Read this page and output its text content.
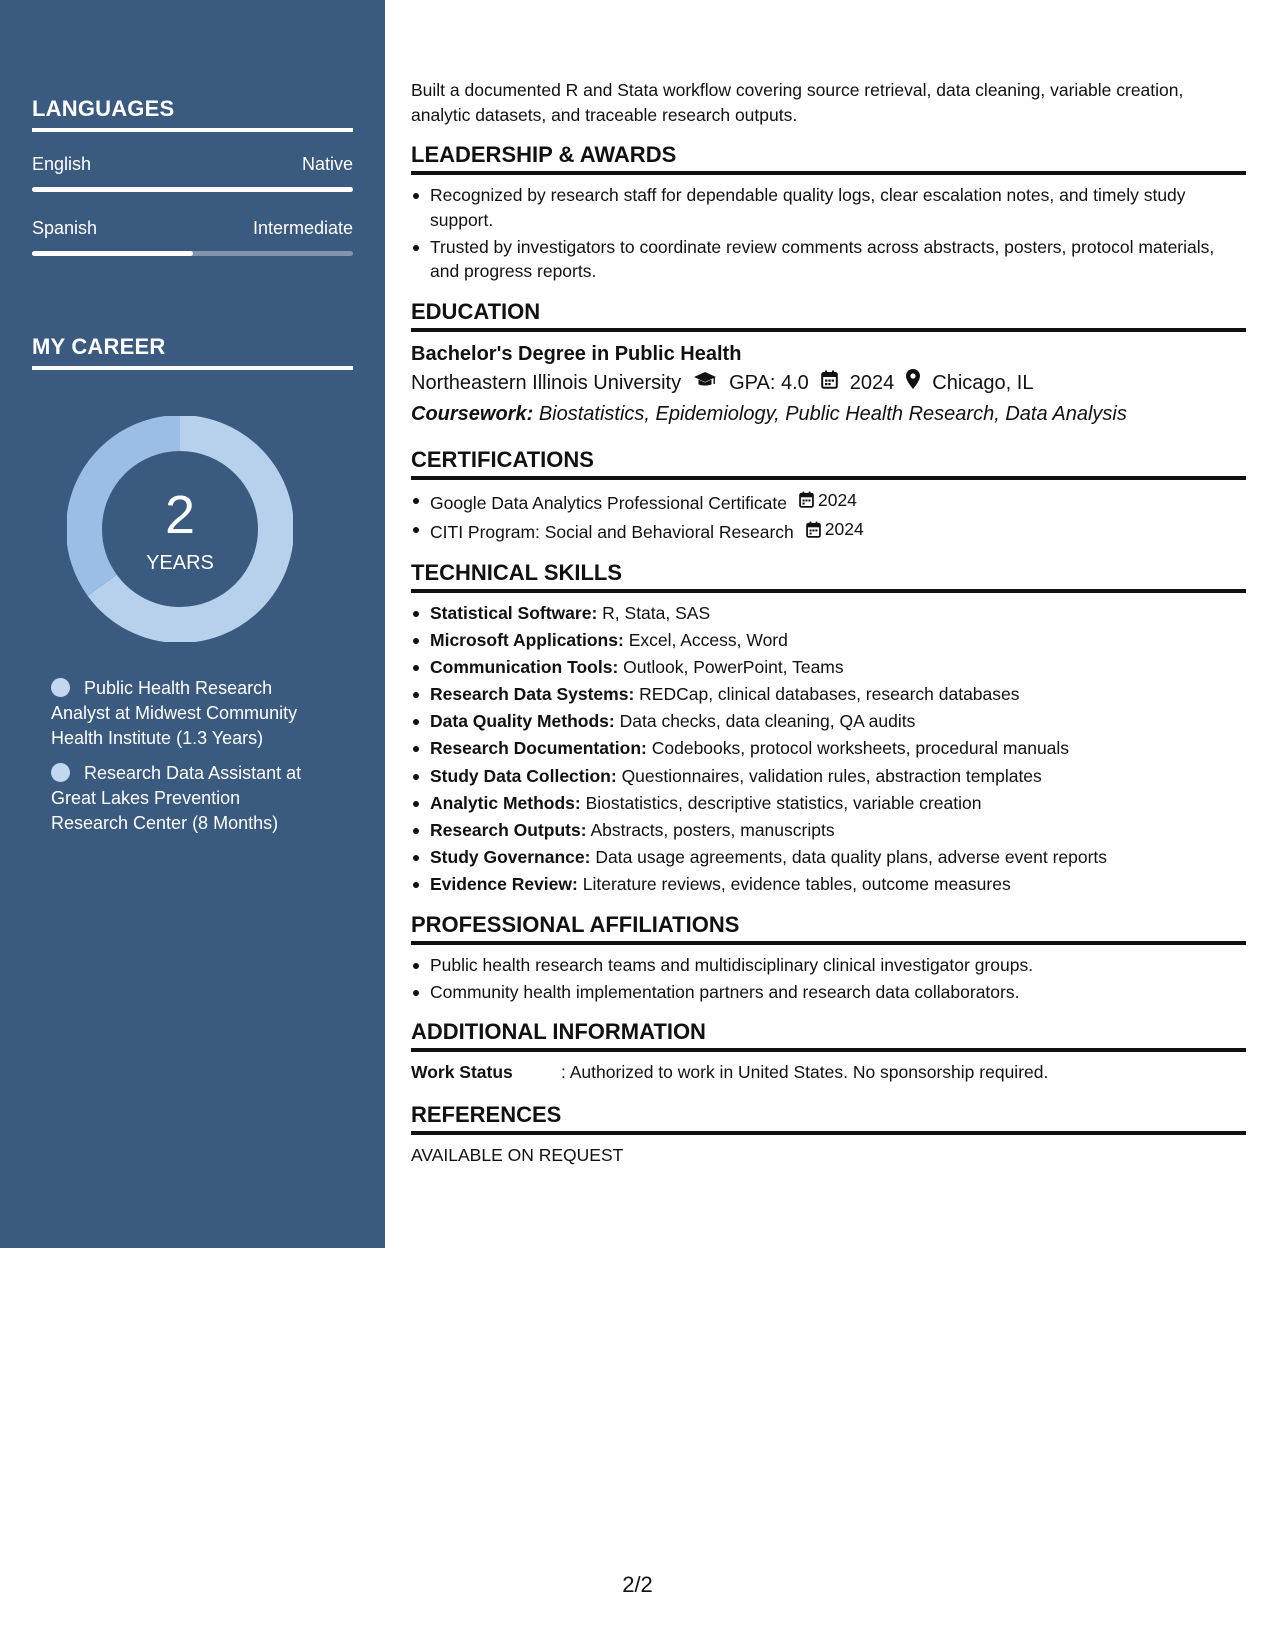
LANGUAGES
English	Native
Spanish	Intermediate
MY CAREER
2
YEARS
Public Health Research Analyst at Midwest Community Health Institute (1.3 Years)
Research Data Assistant at Great Lakes Prevention Research Center (8 Months)

Built a documented R and Stata workflow covering source retrieval, data cleaning, variable creation, analytic datasets, and traceable research outputs.

LEADERSHIP & AWARDS
Recognized by research staff for dependable quality logs, clear escalation notes, and timely study support.
Trusted by investigators to coordinate review comments across abstracts, posters, protocol materials, and progress reports.
EDUCATION
Bachelor's Degree in Public Health
Northeastern Illinois University GPA: 4.0 2024 Chicago, IL
Coursework: Biostatistics, Epidemiology, Public Health Research, Data Analysis
CERTIFICATIONS
Google Data Analytics Professional Certificate 2024
CITI Program: Social and Behavioral Research 2024
TECHNICAL SKILLS
Statistical Software: R, Stata, SAS
Microsoft Applications: Excel, Access, Word
Communication Tools: Outlook, PowerPoint, Teams
Research Data Systems: REDCap, clinical databases, research databases
Data Quality Methods: Data checks, data cleaning, QA audits
Research Documentation: Codebooks, protocol worksheets, procedural manuals
Study Data Collection: Questionnaires, validation rules, abstraction templates
Analytic Methods: Biostatistics, descriptive statistics, variable creation
Research Outputs: Abstracts, posters, manuscripts
Study Governance: Data usage agreements, data quality plans, adverse event reports
Evidence Review: Literature reviews, evidence tables, outcome measures
PROFESSIONAL AFFILIATIONS
Public health research teams and multidisciplinary clinical investigator groups.
Community health implementation partners and research data collaborators.
ADDITIONAL INFORMATION
Work Status	: Authorized to work in United States. No sponsorship required.
REFERENCES
AVAILABLE ON REQUEST
2/2
